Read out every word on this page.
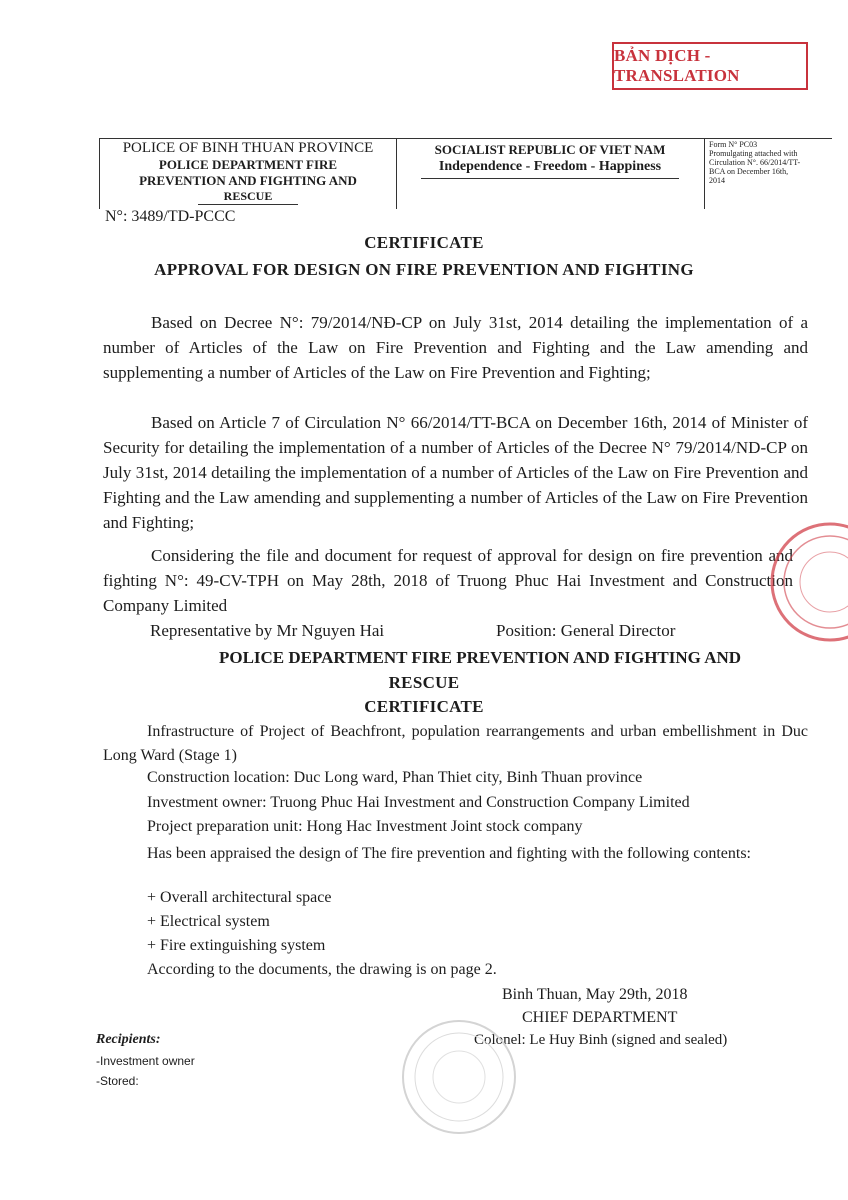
BẢN DỊCH - TRANSLATION
POLICE OF BINH THUAN PROVINCE
POLICE DEPARTMENT FIRE
PREVENTION AND FIGHTING AND
RESCUE
SOCIALIST REPUBLIC OF VIET NAM
Independence - Freedom - Happiness
Form N° PC03
Promulgating attached with
Circulation N°. 66/2014/TT-
BCA on December 16th,
2014
N°: 3489/TD-PCCC
CERTIFICATE
APPROVAL FOR DESIGN ON FIRE PREVENTION AND FIGHTING
Based on Decree N°: 79/2014/NĐ-CP on July 31st, 2014 detailing the implementation of a number of Articles of the Law on Fire Prevention and Fighting and the Law amending and supplementing a number of Articles of the Law on Fire Prevention and Fighting;
Based on Article 7 of Circulation N° 66/2014/TT-BCA on December 16th, 2014 of Minister of Security for detailing the implementation of a number of Articles of the Decree N° 79/2014/ND-CP on July 31st, 2014 detailing the implementation of a number of Articles of the Law on Fire Prevention and Fighting and the Law amending and supplementing a number of Articles of the Law on Fire Prevention and Fighting;
Considering the file and document for request of approval for design on fire prevention and fighting N°: 49-CV-TPH on May 28th, 2018 of Truong Phuc Hai Investment and Construction Company Limited
Representative by Mr Nguyen Hai	Position: General Director
POLICE DEPARTMENT FIRE PREVENTION AND FIGHTING AND
RESCUE
CERTIFICATE
Infrastructure of Project of Beachfront, population rearrangements and urban embellishment in Duc Long Ward (Stage 1)
Construction location: Duc Long ward, Phan Thiet city, Binh Thuan province
Investment owner: Truong Phuc Hai Investment and Construction Company Limited
Project preparation unit: Hong Hac Investment Joint stock company
Has been appraised the design of The fire prevention and fighting with the following contents:
+ Overall architectural space
+ Electrical system
+ Fire extinguishing system
According to the documents, the drawing is on page 2.
Binh Thuan, May 29th, 2018
CHIEF DEPARTMENT
Colonel: Le Huy Binh (signed and sealed)
Recipients:
-Investment owner
-Stored:
